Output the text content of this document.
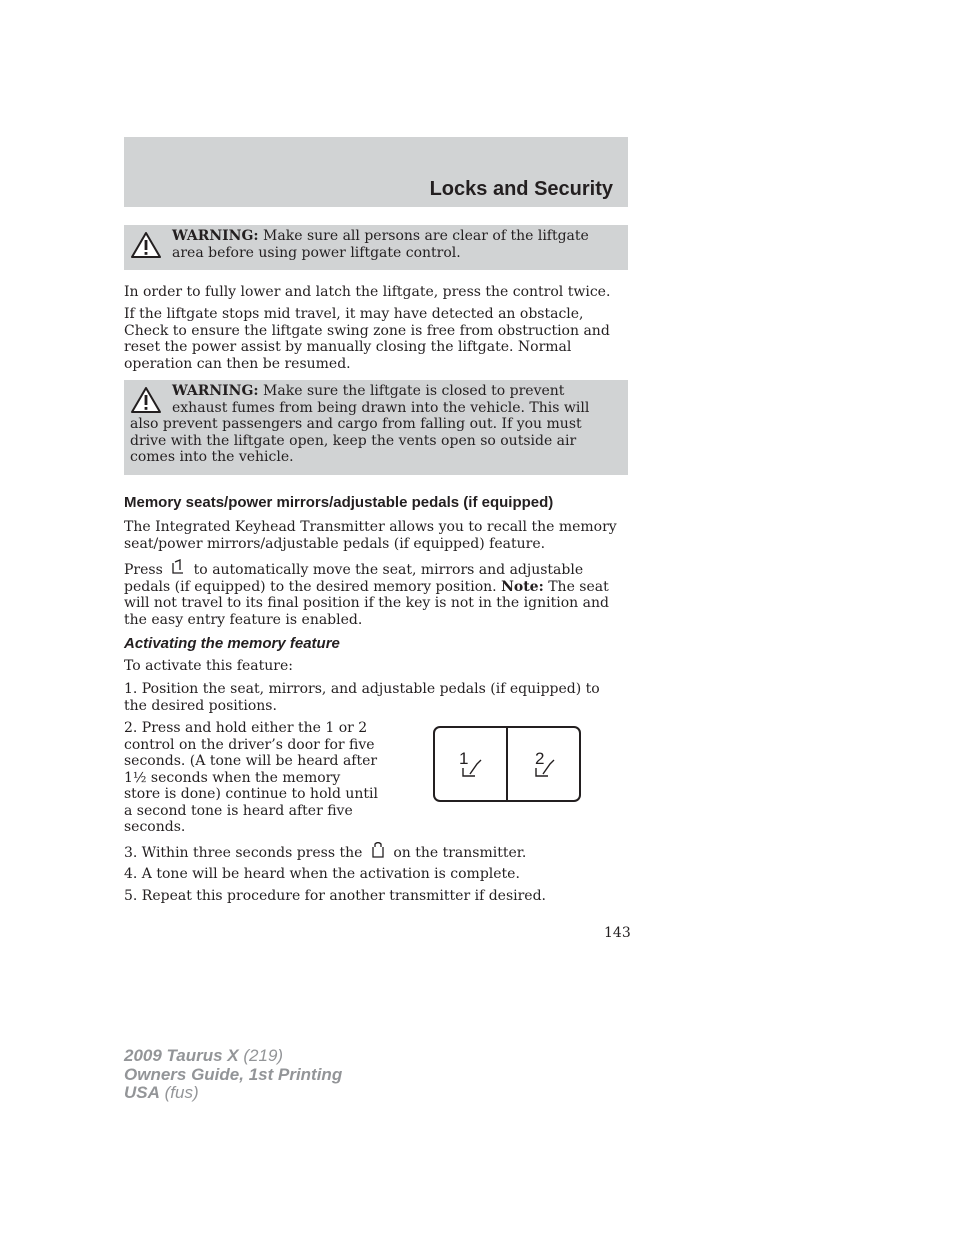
Locks and Security
WARNING: Make sure all persons are clear of the liftgate area before using power liftgate control.

In order to fully lower and latch the liftgate, press the control twice.

If the liftgate stops mid travel, it may have detected an obstacle, Check to ensure the liftgate swing zone is free from obstruction and reset the power assist by manually closing the liftgate. Normal operation can then be resumed.

WARNING: Make sure the liftgate is closed to prevent exhaust fumes from being drawn into the vehicle. This will also prevent passengers and cargo from falling out. If you must drive with the liftgate open, keep the vents open so outside air comes into the vehicle.
Memory seats/power mirrors/adjustable pedals (if equipped)

The Integrated Keyhead Transmitter allows you to recall the memory seat/power mirrors/adjustable pedals (if equipped) feature.

Press  to automatically move the seat, mirrors and adjustable pedals (if equipped) to the desired memory position. Note: The seat will not travel to its final position if the key is not in the ignition and the easy entry feature is enabled.

Activating the memory feature

To activate this feature:

1. Position the seat, mirrors, and adjustable pedals (if equipped) to the desired positions.

2. Press and hold either the 1 or 2 control on the driver’s door for five seconds. (A tone will be heard after 1½ seconds when the memory store is done) continue to hold until a second tone is heard after five seconds.

1	2

3. Within three seconds press the  on the transmitter.

4. A tone will be heard when the activation is complete.

5. Repeat this procedure for another transmitter if desired.

143
2009 Taurus X (219)
Owners Guide, 1st Printing
USA (fus)
